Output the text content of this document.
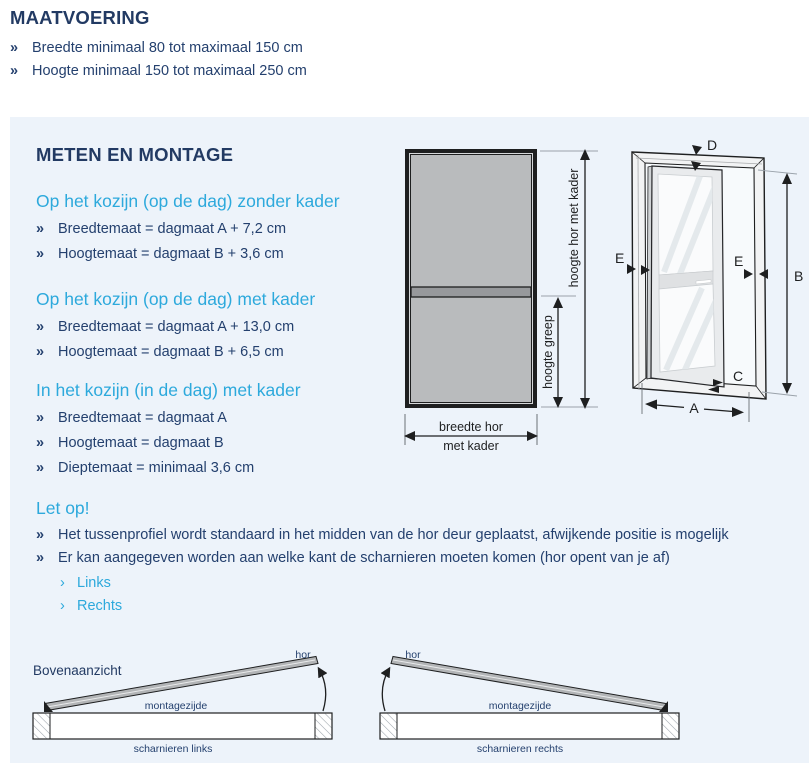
MAATVOERING
» Breedte minimaal 80 tot maximaal 150 cm
» Hoogte minimaal 150 tot maximaal 250 cm
METEN EN MONTAGE
Op het kozijn (op de dag) zonder kader
» Breedtemaat = dagmaat A + 7,2 cm
» Hoogtemaat = dagmaat B + 3,6 cm
Op het kozijn (op de dag) met kader
» Breedtemaat = dagmaat A + 13,0 cm
» Hoogtemaat = dagmaat B + 6,5 cm
In het kozijn (in de dag) met kader
» Breedtemaat = dagmaat A
» Hoogtemaat = dagmaat B
» Dieptemaat = minimaal 3,6 cm
Let op!
» Het tussenprofiel wordt standaard in het midden van de hor deur geplaatst, afwijkende positie is mogelijk
» Er kan aangegeven worden aan welke kant de scharnieren moeten komen (hor opent van je af)
› Links
› Rechts
hoogte hor met kader
hoogte greep
breedte hor
met kader
D
B
E	E
C
A
Bovenaanzicht
hor
montagezijde
scharnieren links
hor
montagezijde
scharnieren rechts
